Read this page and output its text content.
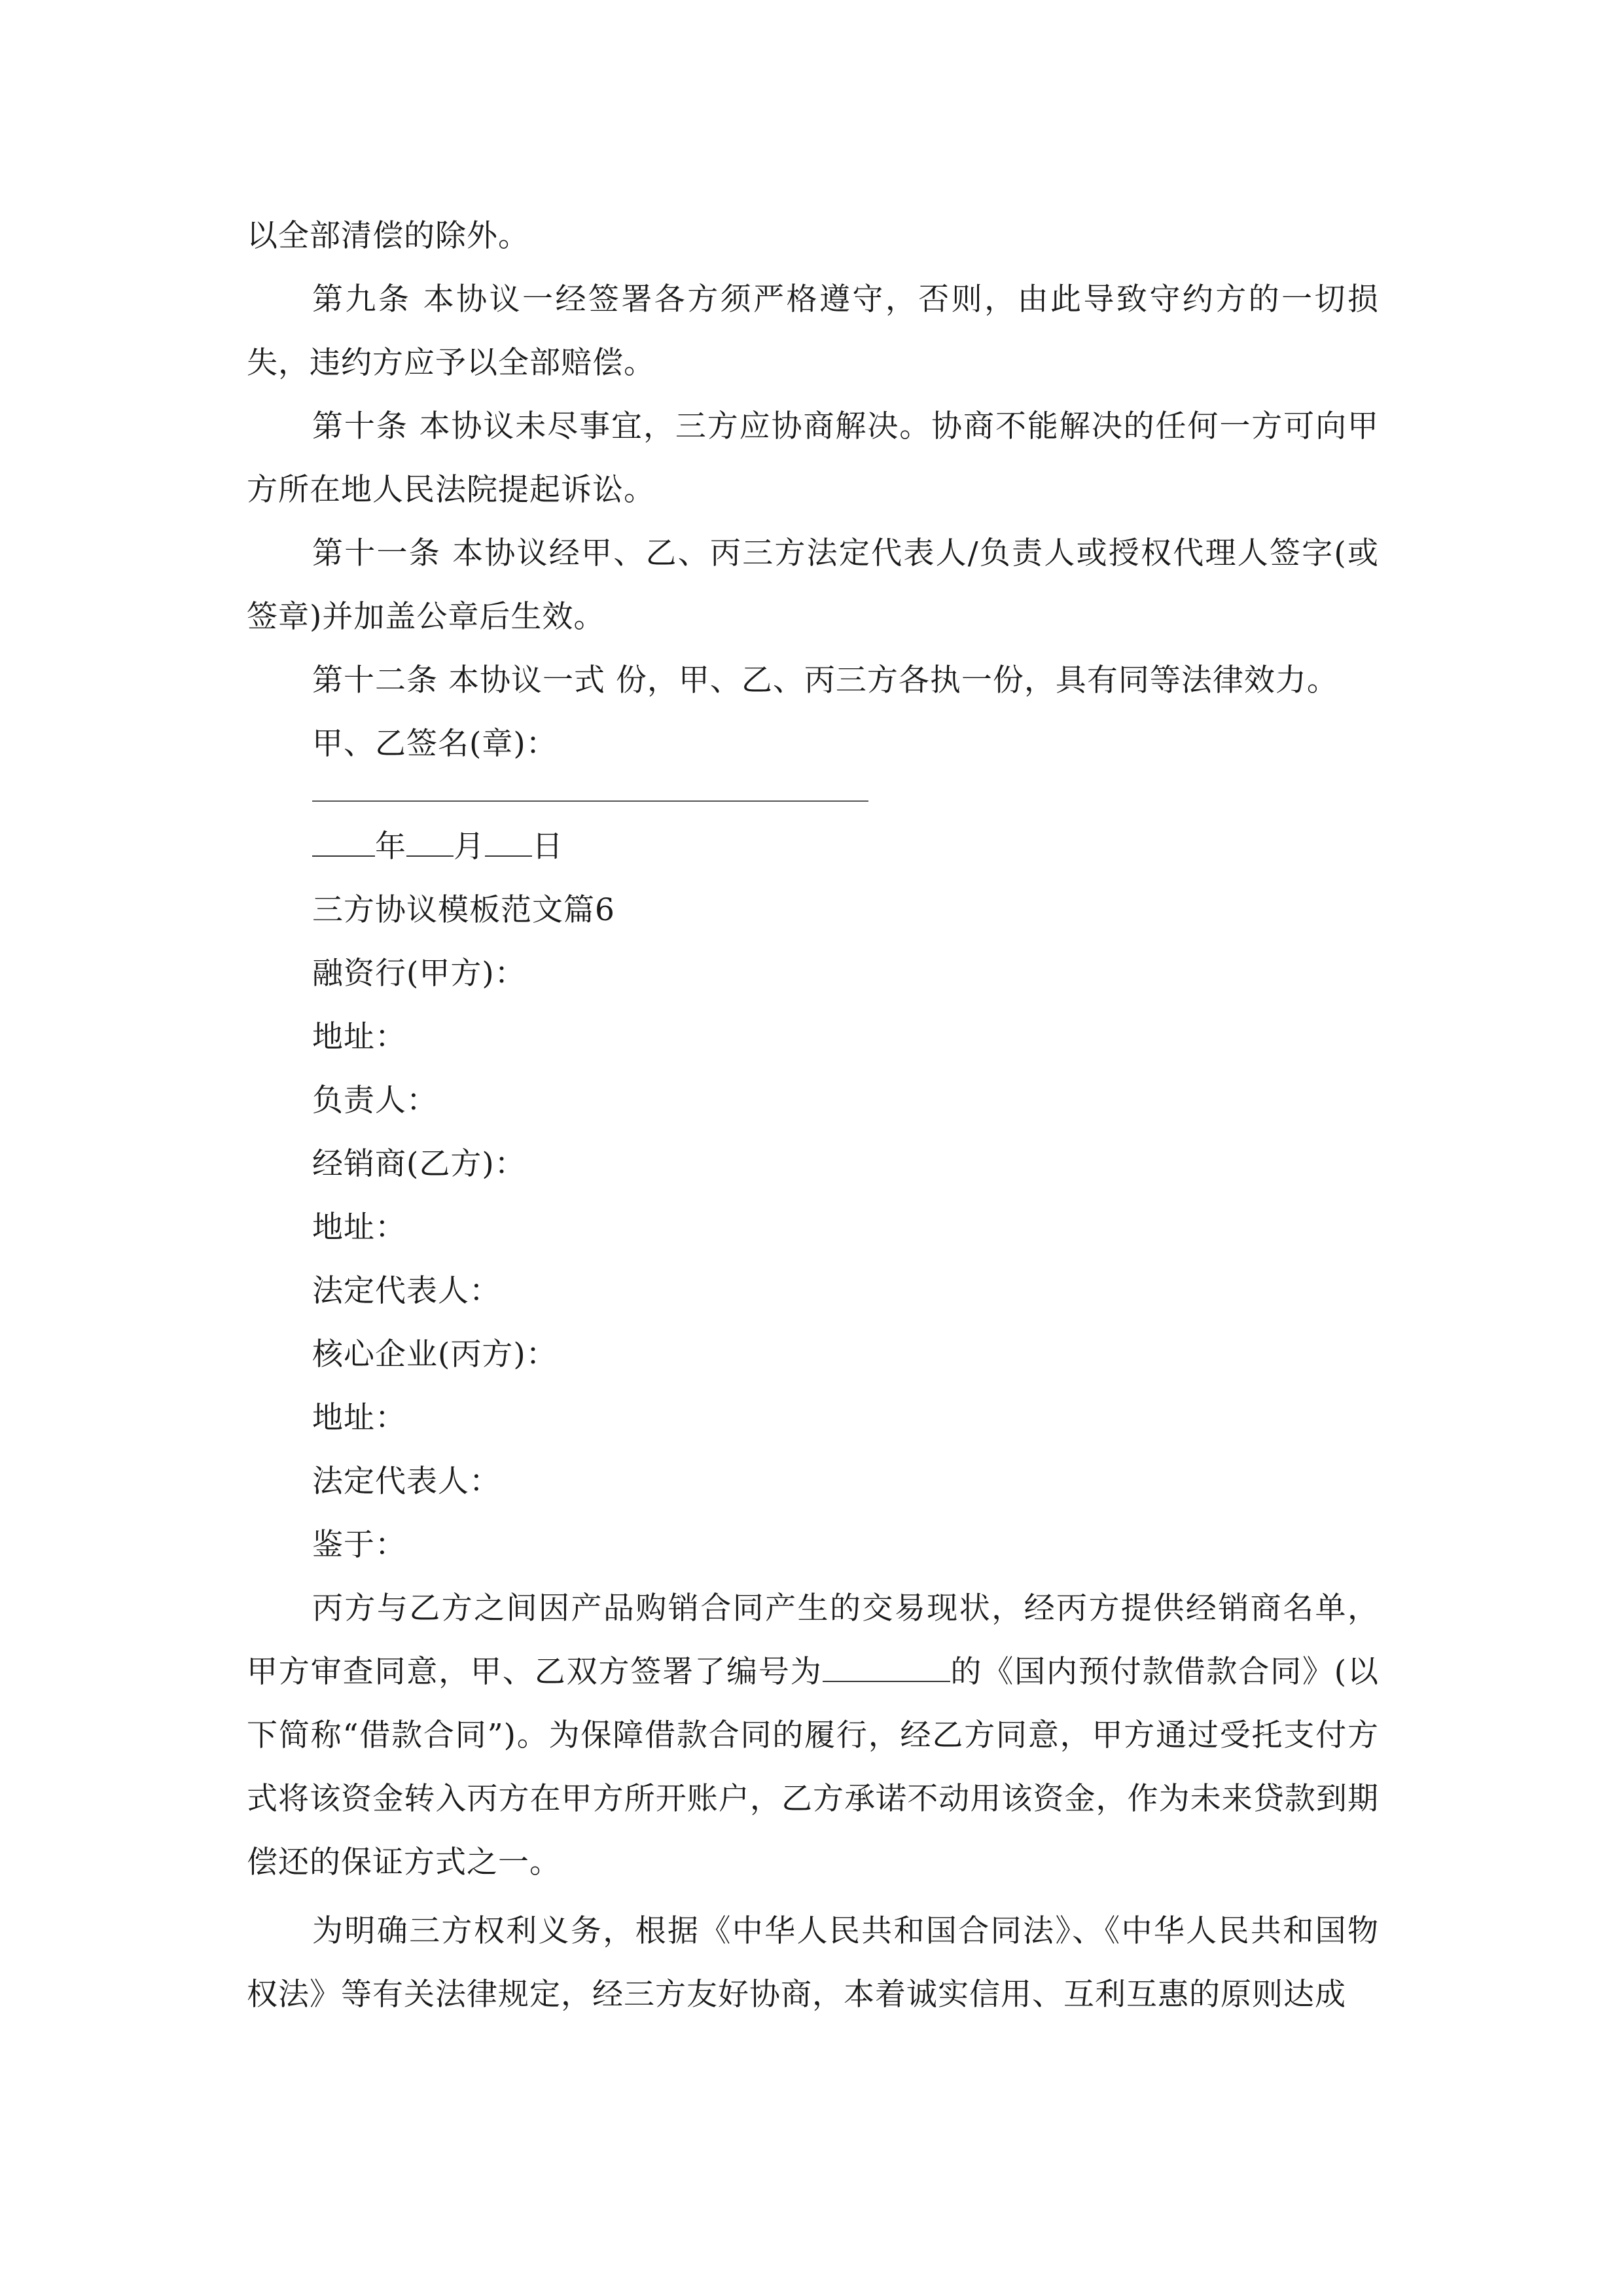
以全部清偿的除外。

第九条 本协议一经签署各方须严格遵守，否则，由此导致守约方的一切损失，违约方应予以全部赔偿。

第十条 本协议未尽事宜，三方应协商解决。协商不能解决的任何一方可向甲方所在地人民法院提起诉讼。

第十一条 本协议经甲、乙、丙三方法定代表人/负责人或授权代理人签字(或签章)并加盖公章后生效。

第十二条 本协议一式 份，甲、乙、丙三方各执一份，具有同等法律效力。

甲、乙签名(章)：

年 月 日

三方协议模板范文篇6

融资行(甲方)：

地址：

负责人：

经销商(乙方)：

地址：

法定代表人：

核心企业(丙方)：

地址：

法定代表人：

鉴于：

丙方与乙方之间因产品购销合同产生的交易现状，经丙方提供经销商名单，甲方审查同意，甲、乙双方签署了编号为	的《国内预付款借款合同》(以下简称“借款合同”)。为保障借款合同的履行，经乙方同意，甲方通过受托支付方式将该资金转入丙方在甲方所开账户，乙方承诺不动用该资金，作为未来贷款到期偿还的保证方式之一。

为明确三方权利义务，根据《中华人民共和国合同法》、《中华人民共和国物权法》等有关法律规定，经三方友好协商，本着诚实信用、互利互惠的原则达成
